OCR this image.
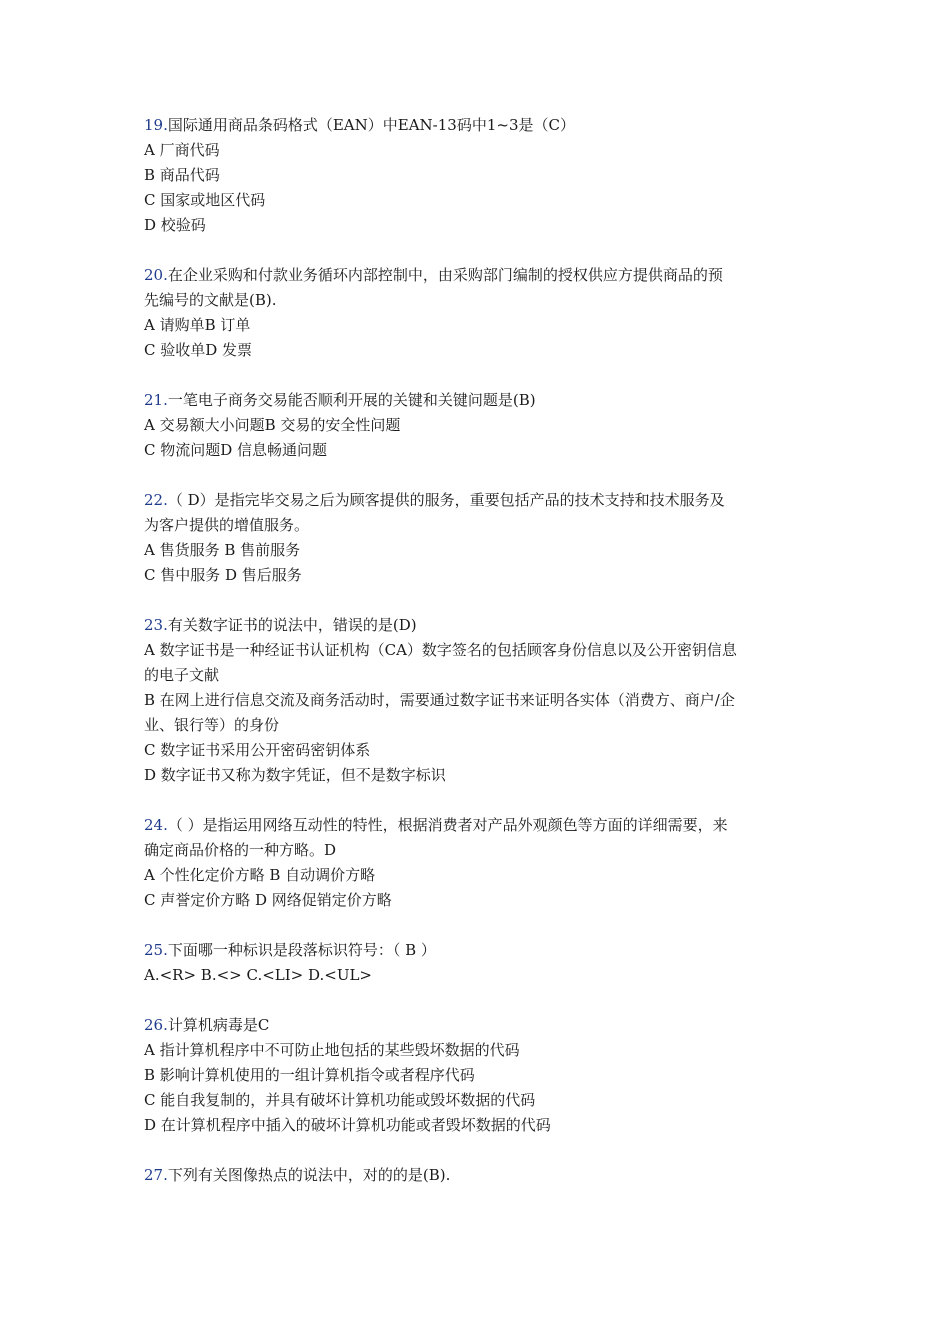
19.国际通用商品条码格式（EAN）中EAN-13码中1~3是（C）
A 厂商代码
B 商品代码
C 国家或地区代码
D 校验码
20.在企业采购和付款业务循环内部控制中，由采购部门编制的授权供应方提供商品的预
先编号的文献是(B).
A 请购单B 订单
C 验收单D 发票
21.一笔电子商务交易能否顺利开展的关键和关键问题是(B)
A 交易额大小问题B 交易的安全性问题
C 物流问题D 信息畅通问题
22.（ D）是指完毕交易之后为顾客提供的服务，重要包括产品的技术支持和技术服务及
为客户提供的增值服务。
A 售货服务 B 售前服务
C 售中服务 D 售后服务
23.有关数字证书的说法中，错误的是(D)
A 数字证书是一种经证书认证机构（CA）数字签名的包括顾客身份信息以及公开密钥信息
的电子文献
B 在网上进行信息交流及商务活动时，需要通过数字证书来证明各实体（消费方、商户/企
业、银行等）的身份
C 数字证书采用公开密码密钥体系
D 数字证书又称为数字凭证，但不是数字标识
24.（ ）是指运用网络互动性的特性，根据消费者对产品外观颜色等方面的详细需要，来
确定商品价格的一种方略。D
A 个性化定价方略 B 自动调价方略
C 声誉定价方略 D 网络促销定价方略
25.下面哪一种标识是段落标识符号：（ B ）
A.<R> B.<> C.<LI> D.<UL>
26.计算机病毒是C
A 指计算机程序中不可防止地包括的某些毁坏数据的代码
B 影响计算机使用的一组计算机指令或者程序代码
C 能自我复制的，并具有破坏计算机功能或毁坏数据的代码
D 在计算机程序中插入的破坏计算机功能或者毁坏数据的代码
27.下列有关图像热点的说法中，对的的是(B).
